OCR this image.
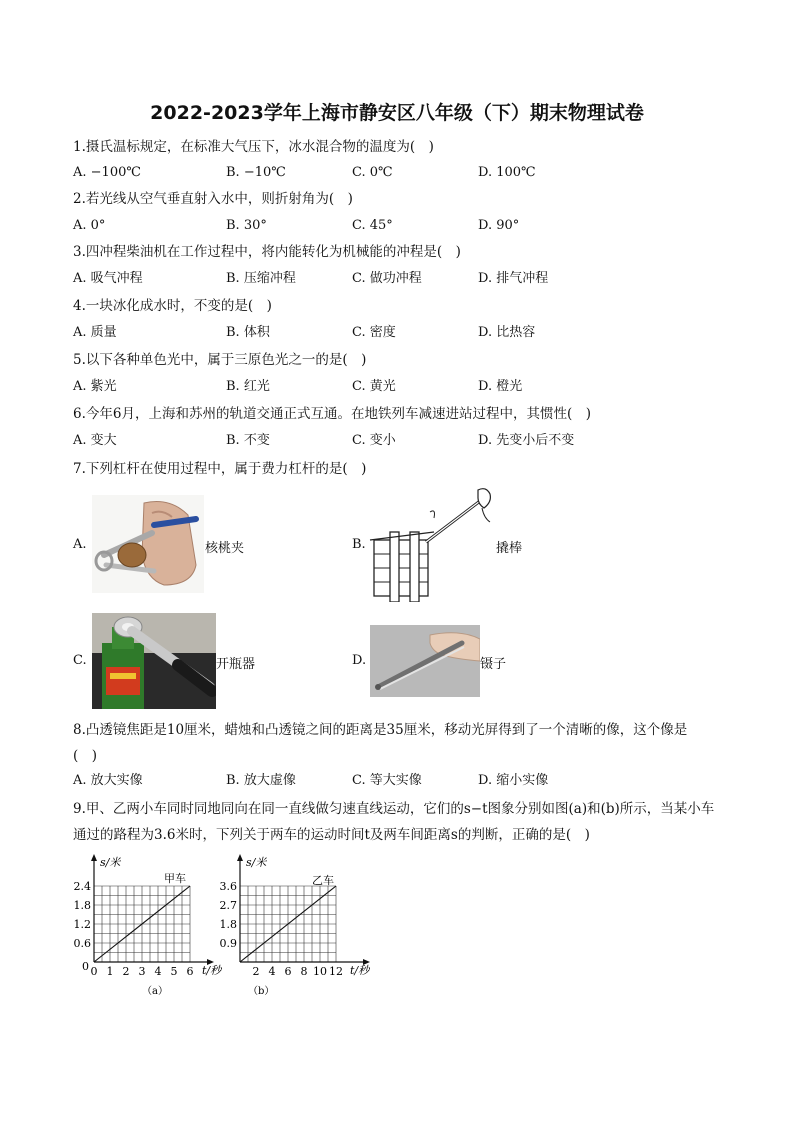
2022-2023学年上海市静安区八年级（下）期末物理试卷
1.摄氏温标规定，在标准大气压下，冰水混合物的温度为(　)
A. −100℃	B. −10℃	C. 0℃	D. 100℃
2.若光线从空气垂直射入水中，则折射角为(　)
A. 0°	B. 30°	C. 45°	D. 90°
3.四冲程柴油机在工作过程中，将内能转化为机械能的冲程是(　)
A. 吸气冲程	B. 压缩冲程	C. 做功冲程	D. 排气冲程
4.一块冰化成水时，不变的是(　)
A. 质量	B. 体积	C. 密度	D. 比热容
5.以下各种单色光中，属于三原色光之一的是(　)
A. 紫光	B. 红光	C. 黄光	D. 橙光
6.今年6月，上海和苏州的轨道交通正式互通。在地铁列车减速进站过程中，其惯性(　)
A. 变大	B. 不变	C. 变小	D. 先变小后不变
7.下列杠杆在使用过程中，属于费力杠杆的是(　)
A.	核桃夹	B.	撬棒
C.	开瓶器	D.	镊子
8.凸透镜焦距是10厘米，蜡烛和凸透镜之间的距离是35厘米，移动光屏得到了一个清晰的像，这个像是
(　)
A. 放大实像	B. 放大虚像	C. 等大实像	D. 缩小实像
9.甲、乙两小车同时同地同向在同一直线做匀速直线运动，它们的s−t图象分别如图(a)和(b)所示，当某小车
通过的路程为3.6米时，下列关于两车的运动时间t及两车间距离s的判断，正确的是(　)
s/米
t/秒
甲车
0 1 2 3 4 5 6
0.6
1.2
1.8
2.4
0
（a）
s/米
t/秒
乙车
2 4 6 8 10 12
0.9
1.8
2.7
3.6
（b）
